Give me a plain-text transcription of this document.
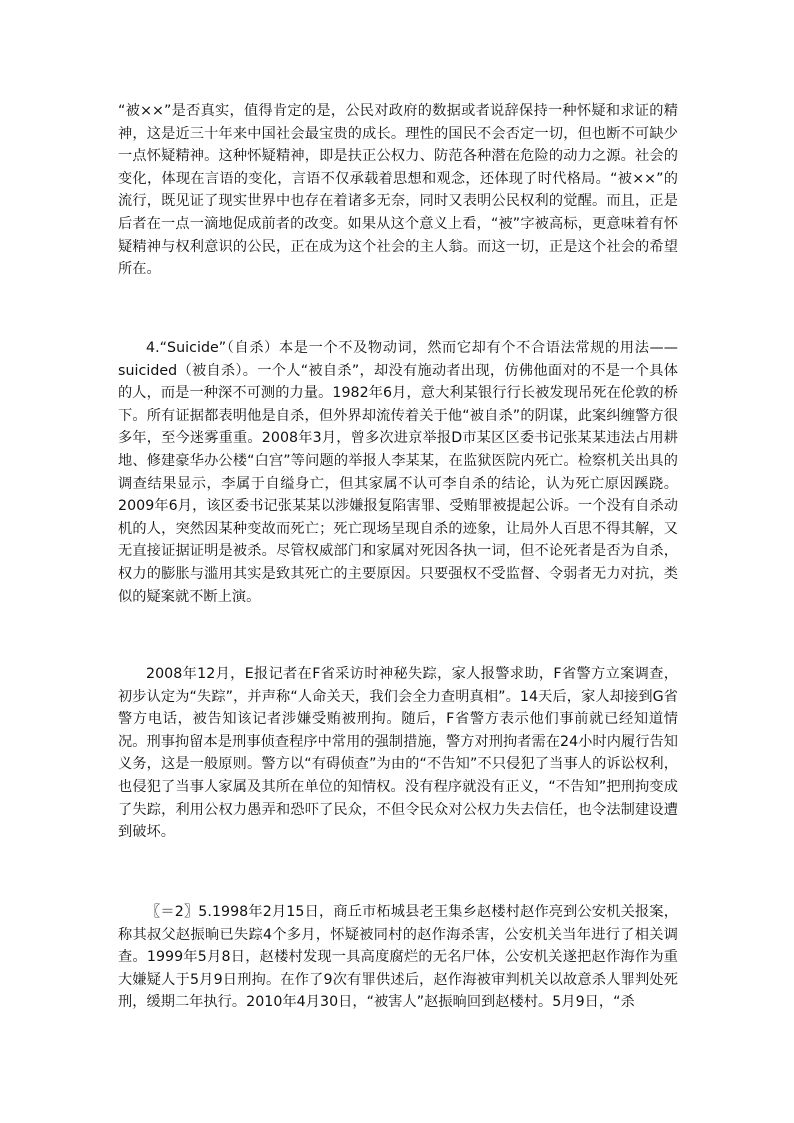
“被××”是否真实，值得肯定的是，公民对政府的数据或者说辞保持一种怀疑和求证的精神，这是近三十年来中国社会最宝贵的成长。理性的国民不会否定一切，但也断不可缺少一点怀疑精神。这种怀疑精神，即是扶正公权力、防范各种潜在危险的动力之源。社会的变化，体现在言语的变化，言语不仅承载着思想和观念，还体现了时代格局。“被××”的流行，既见证了现实世界中也存在着诸多无奈，同时又表明公民权利的觉醒。而且，正是后者在一点一滴地促成前者的改变。如果从这个意义上看，“被”字被高标，更意味着有怀疑精神与权利意识的公民，正在成为这个社会的主人翁。而这一切，正是这个社会的希望所在。

4.“Suicide”（自杀）本是一个不及物动词，然而它却有个不合语法常规的用法——suicided（被自杀）。一个人“被自杀”，却没有施动者出现，仿佛他面对的不是一个具体的人，而是一种深不可测的力量。1982年6月，意大利某银行行长被发现吊死在伦敦的桥下。所有证据都表明他是自杀，但外界却流传着关于他“被自杀”的阴谋，此案纠缠警方很多年，至今迷雾重重。2008年3月，曾多次进京举报D市某区区委书记张某某违法占用耕地、修建豪华办公楼“白宫”等问题的举报人李某某，在监狱医院内死亡。检察机关出具的调查结果显示，李属于自缢身亡，但其家属不认可李自杀的结论，认为死亡原因蹊跷。2009年6月，该区委书记张某某以涉嫌报复陷害罪、受贿罪被提起公诉。一个没有自杀动机的人，突然因某种变故而死亡；死亡现场呈现自杀的迹象，让局外人百思不得其解，又无直接证据证明是被杀。尽管权威部门和家属对死因各执一词，但不论死者是否为自杀，权力的膨胀与滥用其实是致其死亡的主要原因。只要强权不受监督、令弱者无力对抗，类似的疑案就不断上演。

2008年12月，E报记者在F省采访时神秘失踪，家人报警求助，F省警方立案调查，初步认定为“失踪”，并声称“人命关天，我们会全力查明真相”。14天后，家人却接到G省警方电话，被告知该记者涉嫌受贿被刑拘。随后，F省警方表示他们事前就已经知道情况。刑事拘留本是刑事侦查程序中常用的强制措施，警方对刑拘者需在24小时内履行告知义务，这是一般原则。警方以“有碍侦查”为由的“不告知”不只侵犯了当事人的诉讼权利，也侵犯了当事人家属及其所在单位的知情权。没有程序就没有正义，“不告知”把刑拘变成了失踪，利用公权力愚弄和恐吓了民众，不但令民众对公权力失去信任，也令法制建设遭到破坏。

〖＝2〗5.1998年2月15日，商丘市柘城县老王集乡赵楼村赵作亮到公安机关报案，称其叔父赵振晌已失踪4个多月，怀疑被同村的赵作海杀害，公安机关当年进行了相关调查。1999年5月8日，赵楼村发现一具高度腐烂的无名尸体，公安机关遂把赵作海作为重大嫌疑人于5月9日刑拘。在作了9次有罪供述后，赵作海被审判机关以故意杀人罪判处死刑，缓期二年执行。2010年4月30日，“被害人”赵振晌回到赵楼村。5月9日，“杀
